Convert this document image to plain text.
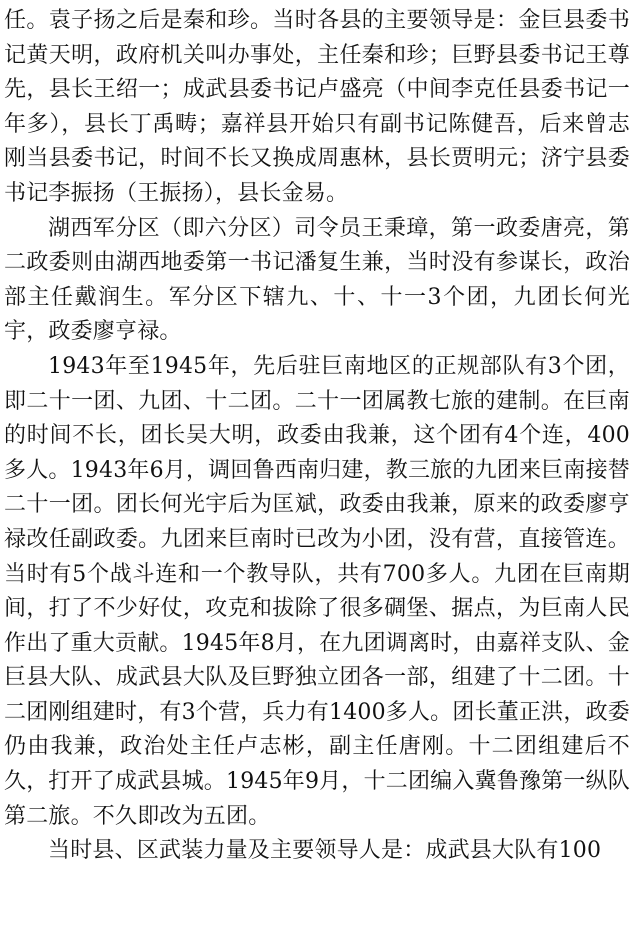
任。袁子扬之后是秦和珍。当时各县的主要领导是：金巨县委书记黄天明，政府机关叫办事处，主任秦和珍；巨野县委书记王尊先，县长王绍一；成武县委书记卢盛亮（中间李克任县委书记一年多），县长丁禹畴；嘉祥县开始只有副书记陈健吾，后来曾志刚当县委书记，时间不长又换成周惠林，县长贾明元；济宁县委书记李振扬（王振扬），县长金易。

湖西军分区（即六分区）司令员王秉璋，第一政委唐亮，第二政委则由湖西地委第一书记潘复生兼，当时没有参谋长，政治部主任戴润生。军分区下辖九、十、十一3个团，九团长何光宇，政委廖亨禄。

1943年至1945年，先后驻巨南地区的正规部队有3个团，即二十一团、九团、十二团。二十一团属教七旅的建制。在巨南的时间不长，团长吴大明，政委由我兼，这个团有4个连，400多人。1943年6月，调回鲁西南归建，教三旅的九团来巨南接替二十一团。团长何光宇后为匡斌，政委由我兼，原来的政委廖亨禄改任副政委。九团来巨南时已改为小团，没有营，直接管连。当时有5个战斗连和一个教导队，共有700多人。九团在巨南期间，打了不少好仗，攻克和拔除了很多碉堡、据点，为巨南人民作出了重大贡献。1945年8月，在九团调离时，由嘉祥支队、金巨县大队、成武县大队及巨野独立团各一部，组建了十二团。十二团刚组建时，有3个营，兵力有1400多人。团长董正洪，政委仍由我兼，政治处主任卢志彬，副主任唐刚。十二团组建后不久，打开了成武县城。1945年9月，十二团编入冀鲁豫第一纵队第二旅。不久即改为五团。

当时县、区武装力量及主要领导人是：成武县大队有100
